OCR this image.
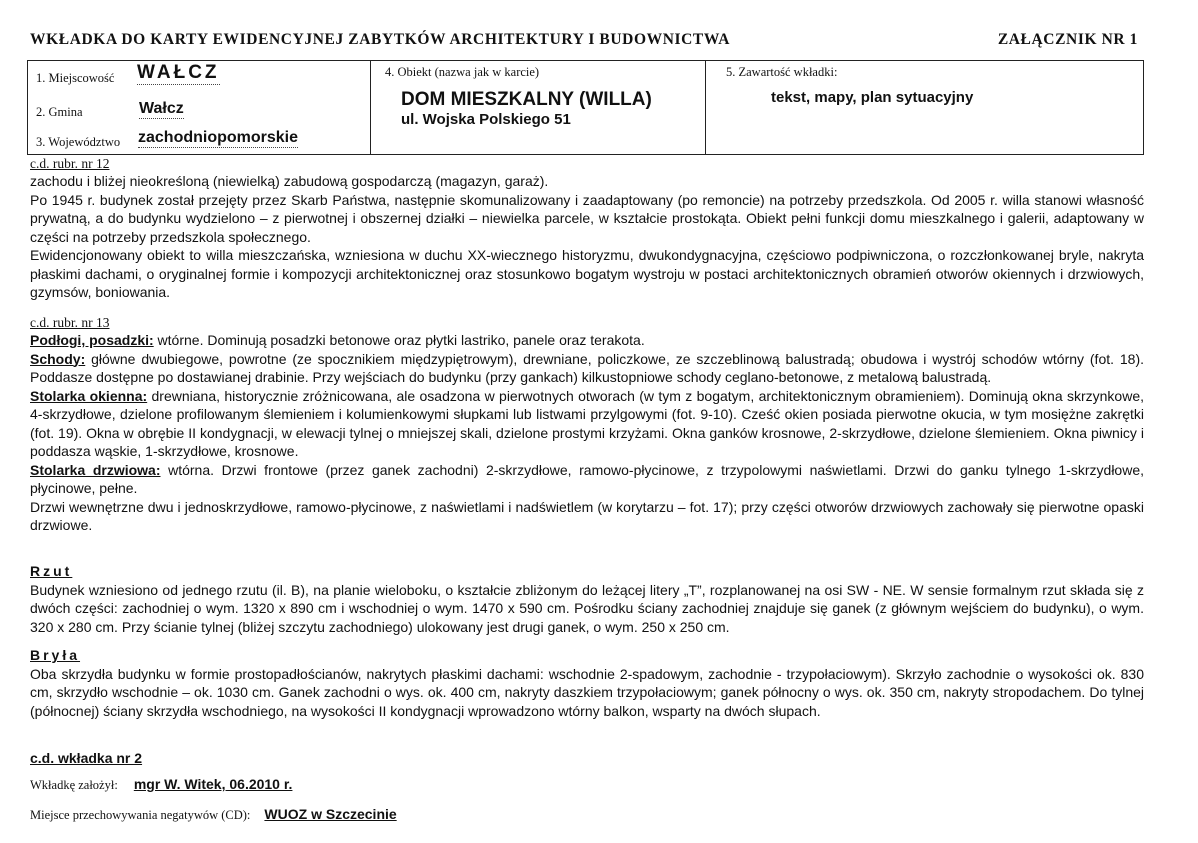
WKŁADKA DO KARTY EWIDENCYJNEJ ZABYTKÓW ARCHITEKTURY I BUDOWNICTWA	ZAŁĄCZNIK NR 1
1. Miejscowość WAŁCZ
2. Gmina	Wałcz
3. Województwo zachodniopomorskie
4. Obiekt (nazwa jak w karcie)
DOM MIESZKALNY (WILLA)
ul. Wojska Polskiego 51
5. Zawartość wkładki:
tekst, mapy, plan sytuacyjny

c.d. rubr. nr 12

zachodu i bliżej nieokreśloną (niewielką) zabudową gospodarczą (magazyn, garaż).

Po 1945 r. budynek został przejęty przez Skarb Państwa, następnie skomunalizowany i zaadaptowany (po remoncie) na potrzeby przedszkola. Od 2005 r. willa stanowi własność prywatną, a do budynku wydzielono – z pierwotnej i obszernej działki – niewielka parcele, w kształcie prostokąta. Obiekt pełni funkcji domu mieszkalnego i galerii, adaptowany w części na potrzeby przedszkola społecznego.

Ewidencjonowany obiekt to willa mieszczańska, wzniesiona w duchu XX-wiecznego historyzmu, dwukondygnacyjna, częściowo podpiwniczona, o rozczłonkowanej bryle, nakryta płaskimi dachami, o oryginalnej formie i kompozycji architektonicznej oraz stosunkowo bogatym wystroju w postaci architektonicznych obramień otworów okiennych i drzwiowych, gzymsów, boniowania.

c.d. rubr. nr 13

Podłogi, posadzki: wtórne. Dominują posadzki betonowe oraz płytki lastriko, panele oraz terakota.

Schody: główne dwubiegowe, powrotne (ze spocznikiem międzypiętrowym), drewniane, policzkowe, ze szczeblinową balustradą; obudowa i wystrój schodów wtórny (fot. 18). Poddasze dostępne po dostawianej drabinie. Przy wejściach do budynku (przy gankach) kilkustopniowe schody ceglano-betonowe, z metalową balustradą.

Stolarka okienna: drewniana, historycznie zróżnicowana, ale osadzona w pierwotnych otworach (w tym z bogatym, architektonicznym obramieniem). Dominują okna skrzynkowe, 4-skrzydłowe, dzielone profilowanym ślemieniem i kolumienkowymi słupkami lub listwami przylgowymi (fot. 9-10). Cześć okien posiada pierwotne okucia, w tym mosiężne zakrętki (fot. 19). Okna w obrębie II kondygnacji, w elewacji tylnej o mniejszej skali, dzielone prostymi krzyżami. Okna ganków krosnowe, 2-skrzydłowe, dzielone ślemieniem. Okna piwnicy i poddasza wąskie, 1-skrzydłowe, krosnowe.

Stolarka drzwiowa: wtórna. Drzwi frontowe (przez ganek zachodni) 2-skrzydłowe, ramowo-płycinowe, z trzypolowymi naświetlami. Drzwi do ganku tylnego 1-skrzydłowe, płycinowe, pełne.

Drzwi wewnętrzne dwu i jednoskrzydłowe, ramowo-płycinowe, z naświetlami i nadświetlem (w korytarzu – fot. 17); przy części otworów drzwiowych zachowały się pierwotne opaski drzwiowe.

Rzut

Budynek wzniesiono od jednego rzutu (il. B), na planie wieloboku, o kształcie zbliżonym do leżącej litery „T”, rozplanowanej na osi SW - NE. W sensie formalnym rzut składa się z dwóch części: zachodniej o wym. 1320 x 890 cm i wschodniej o wym. 1470 x 590 cm. Pośrodku ściany zachodniej znajduje się ganek (z głównym wejściem do budynku), o wym. 320 x 280 cm. Przy ścianie tylnej (bliżej szczytu zachodniego) ulokowany jest drugi ganek, o wym. 250 x 250 cm.

Bryła

Oba skrzydła budynku w formie prostopadłościanów, nakrytych płaskimi dachami: wschodnie 2-spadowym, zachodnie - trzypołaciowym). Skrzyło zachodnie o wysokości ok. 830 cm, skrzydło wschodnie – ok. 1030 cm. Ganek zachodni o wys. ok. 400 cm, nakryty daszkiem trzypołaciowym; ganek północny o wys. ok. 350 cm, nakryty stropodachem. Do tylnej (północnej) ściany skrzydła wschodniego, na wysokości II kondygnacji wprowadzono wtórny balkon, wsparty na dwóch słupach.

c.d. wkładka nr 2
Wkładkę założył: mgr W. Witek, 06.2010 r.
Miejsce przechowywania negatywów (CD): WUOZ w Szczecinie
